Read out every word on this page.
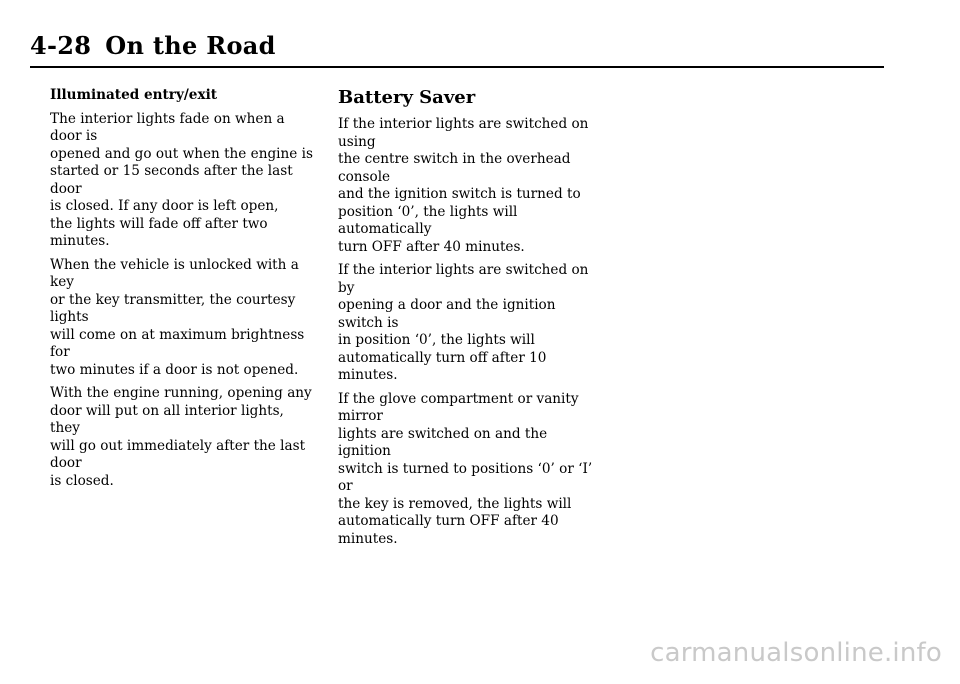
4-28 On the Road
Illuminated entry/exit

The interior lights fade on when a door is
opened and go out when the engine is
started or 15 seconds after the last door
is closed. If any door is left open,
the lights will fade off after two minutes.

When the vehicle is unlocked with a key
or the key transmitter, the courtesy lights
will come on at maximum brightness for
two minutes if a door is not opened.

With the engine running, opening any
door will put on all interior lights, they
will go out immediately after the last door
is closed.

Battery Saver

If the interior lights are switched on using
the centre switch in the overhead console
and the ignition switch is turned to
position ‘0’, the lights will automatically
turn OFF after 40 minutes.

If the interior lights are switched on by
opening a door and the ignition switch is
in position ‘0’, the lights will
automatically turn off after 10 minutes.

If the glove compartment or vanity mirror
lights are switched on and the ignition
switch is turned to positions ‘0’ or ‘I’ or
the key is removed, the lights will
automatically turn OFF after 40 minutes.

carmanualsonline.info
